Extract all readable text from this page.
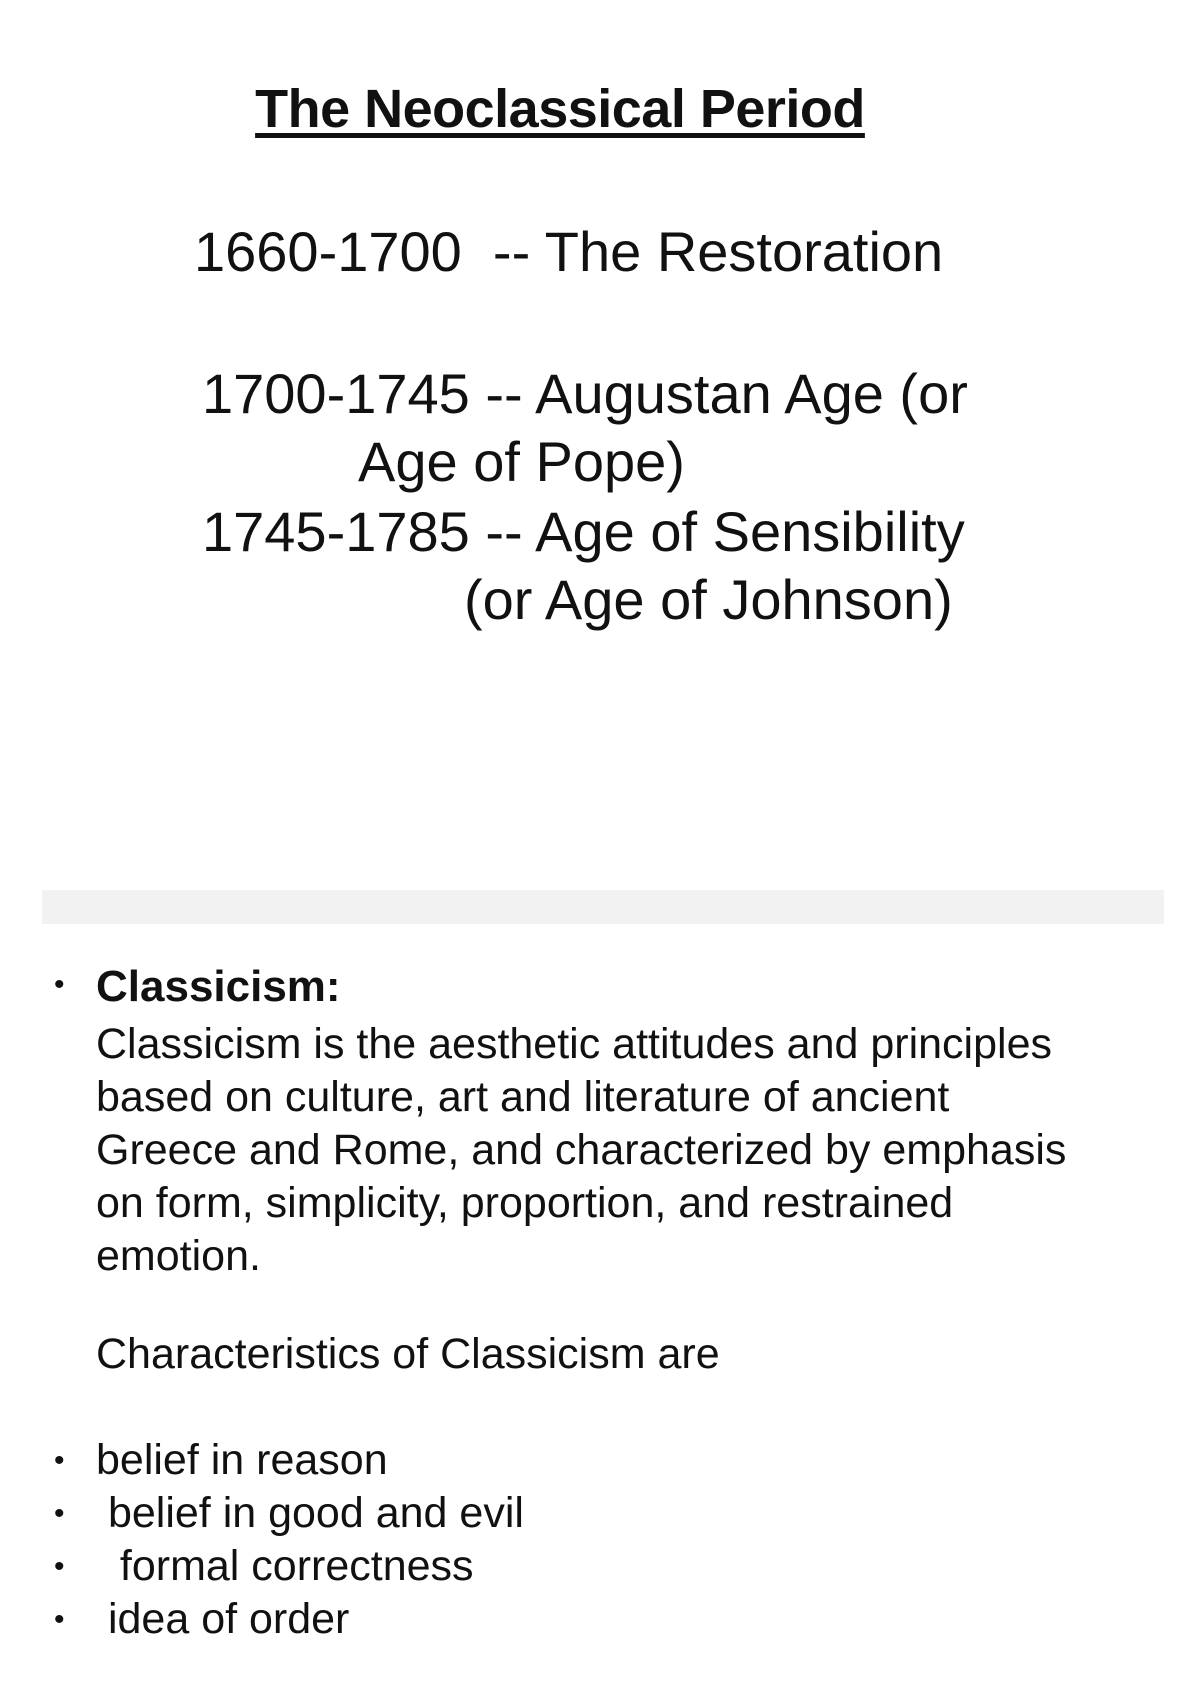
The Neoclassical Period

1660-1700  -- The Restoration

1700-1745 -- Augustan Age (or

Age of Pope)

1745-1785 -- Age of Sensibility

(or Age of Johnson)

• Classicism:

Classicism is the aesthetic attitudes and principles based on culture, art and literature of ancient Greece and Rome, and characterized by emphasis on form, simplicity, proportion, and restrained emotion.

Characteristics of Classicism are

• belief in reason
• belief in good and evil
• formal correctness
• idea of order
